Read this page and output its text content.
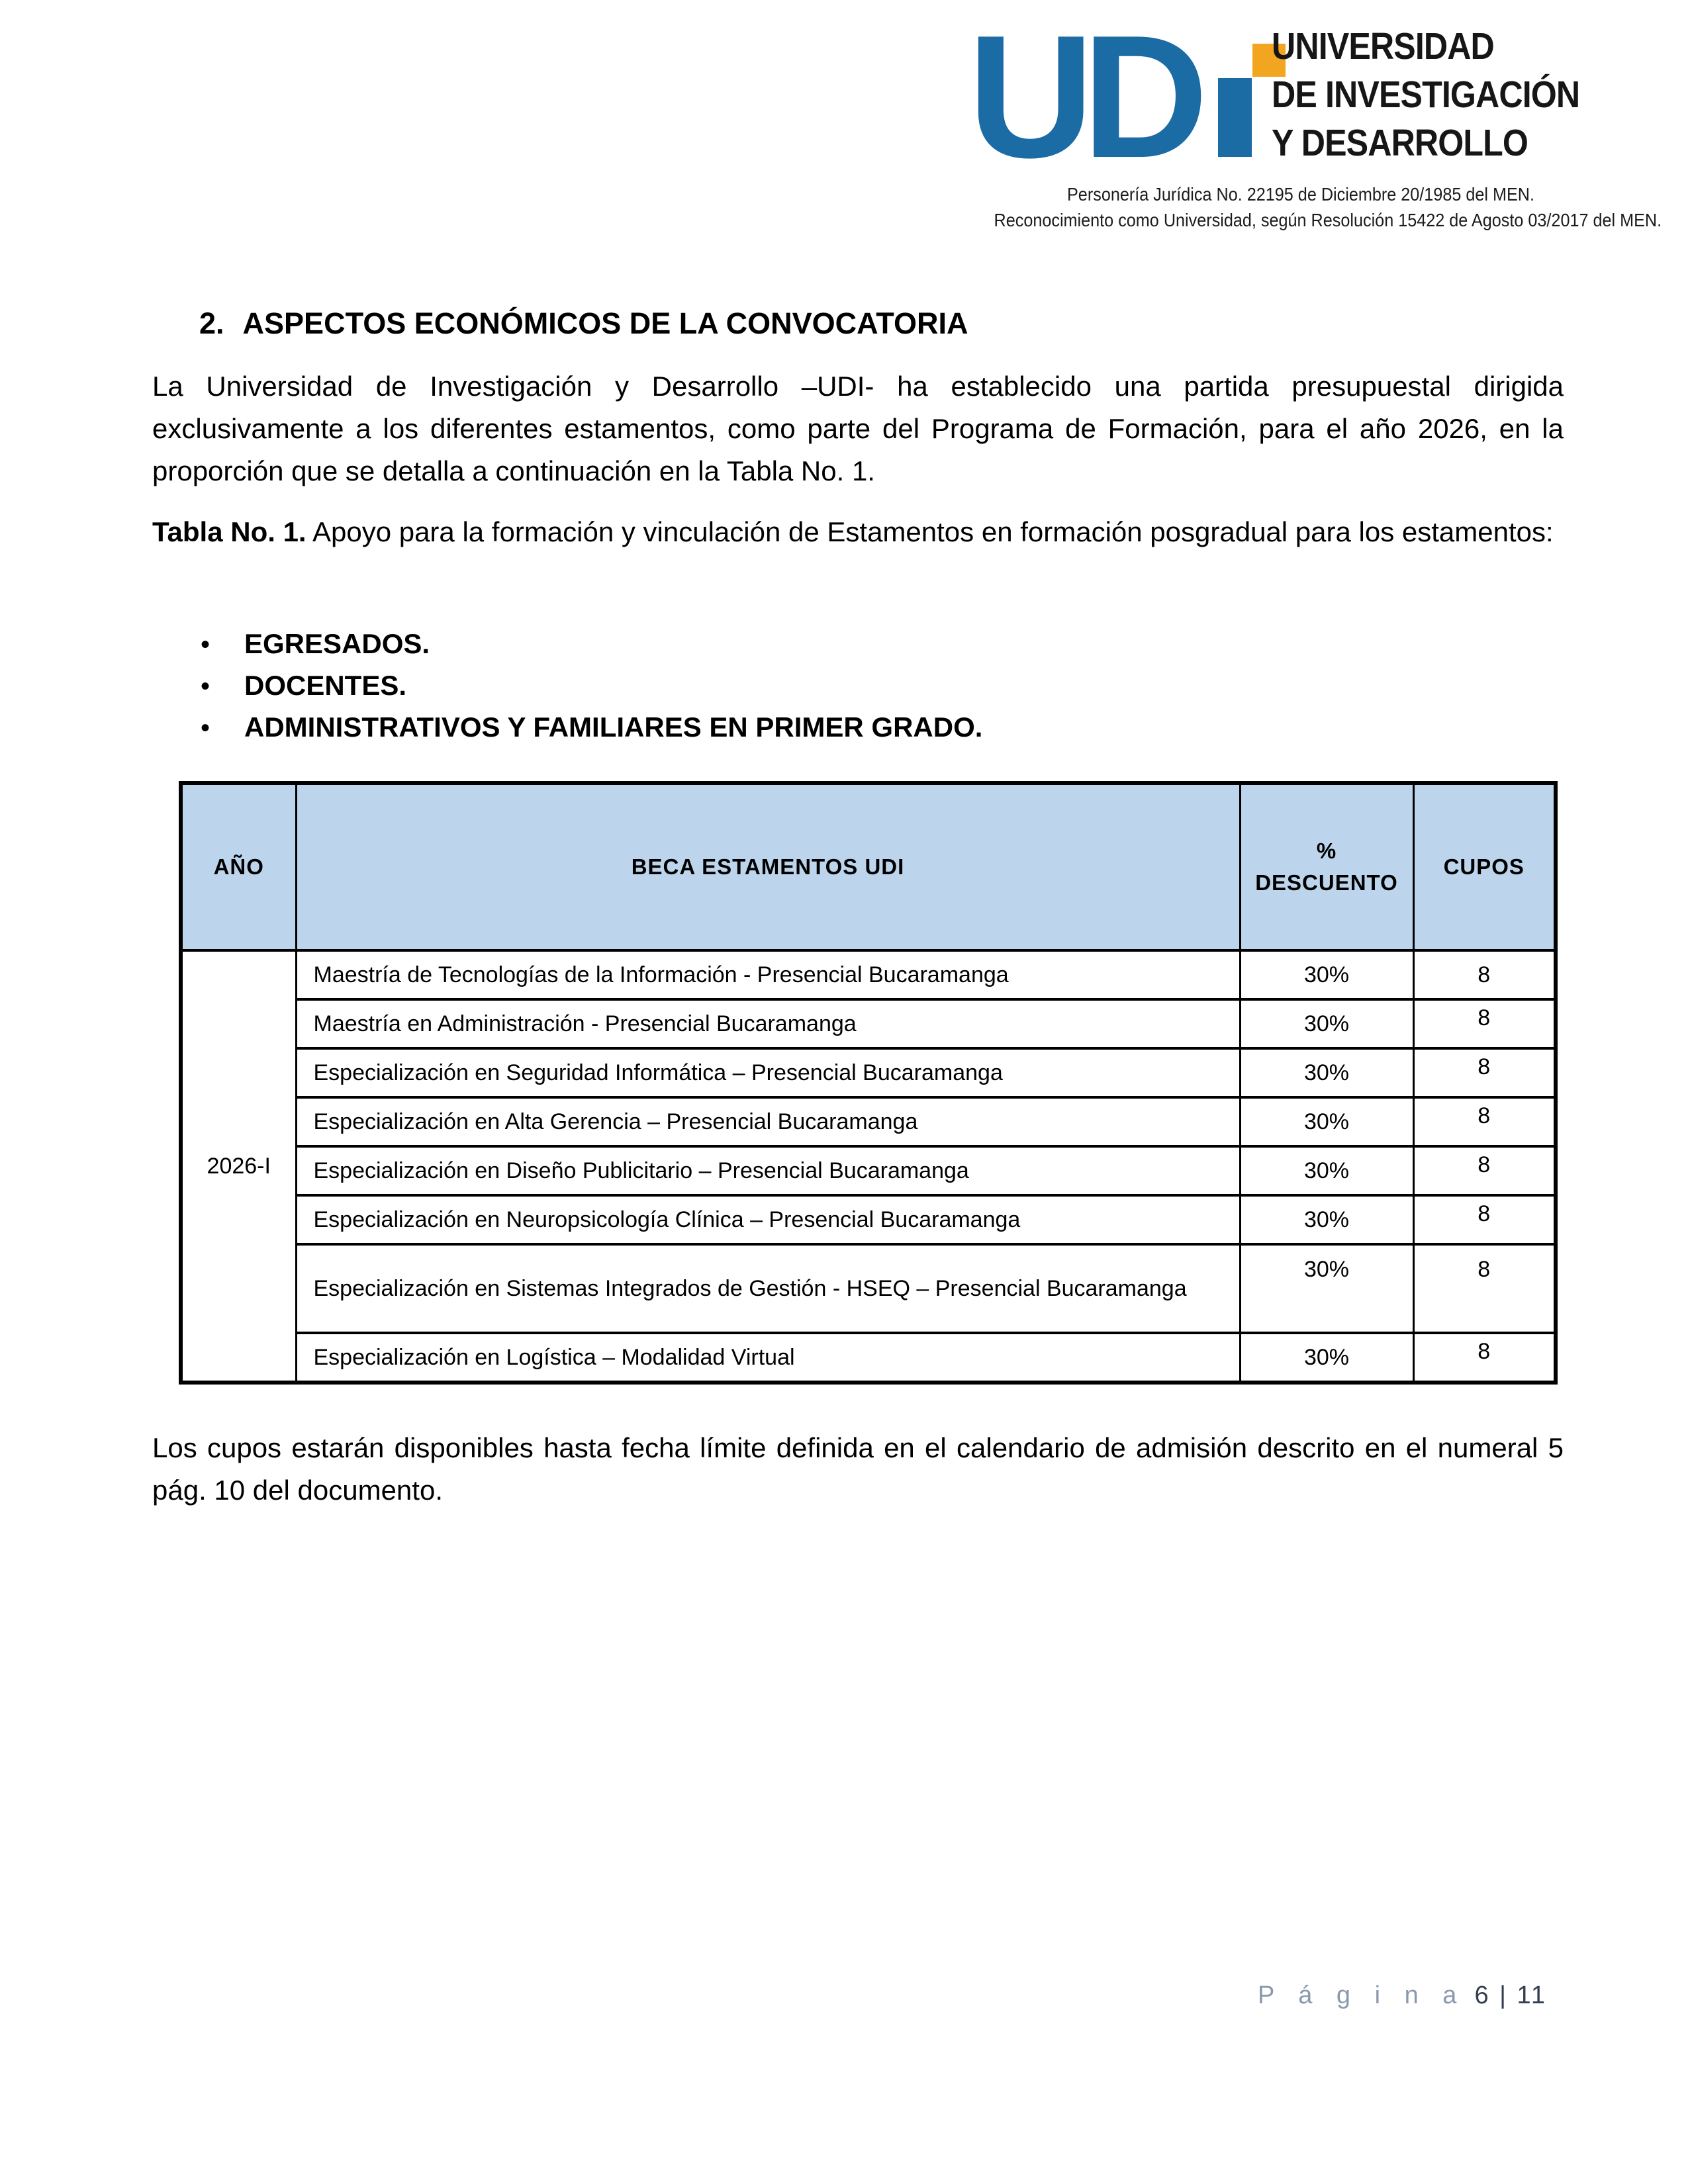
UD UNIVERSIDAD
DE INVESTIGACIÓN
Y DESARROLLO
Personería Jurídica No. 22195 de Diciembre 20/1985 del MEN.
Reconocimiento como Universidad, según Resolución 15422 de Agosto 03/2017 del MEN.
2. ASPECTOS ECONÓMICOS DE LA CONVOCATORIA

La Universidad de Investigación y Desarrollo –UDI- ha establecido una partida presupuestal dirigida exclusivamente a los diferentes estamentos, como parte del Programa de Formación, para el año 2026, en la proporción que se detalla a continuación en la Tabla No. 1.

Tabla No. 1. Apoyo para la formación y vinculación de Estamentos en formación posgradual para los estamentos:

•	EGRESADOS.
•	DOCENTES.
•	ADMINISTRATIVOS Y FAMILIARES EN PRIMER GRADO.
AÑO	BECA ESTAMENTOS UDI	% DESCUENTO	CUPOS
2026-I	Maestría de Tecnologías de la Información - Presencial Bucaramanga	30%	8
	Maestría en Administración - Presencial Bucaramanga	30%	8
	Especialización en Seguridad Informática – Presencial Bucaramanga	30%	8
	Especialización en Alta Gerencia – Presencial Bucaramanga	30%	8
	Especialización en Diseño Publicitario – Presencial Bucaramanga	30%	8
	Especialización en Neuropsicología Clínica – Presencial Bucaramanga	30%	8
	Especialización en Sistemas Integrados de Gestión - HSEQ – Presencial Bucaramanga	30%	8
	Especialización en Logística – Modalidad Virtual	30%	8

Los cupos estarán disponibles hasta fecha límite definida en el calendario de admisión descrito en el numeral 5 pág. 10 del documento.

P á g i n a 6 | 11
